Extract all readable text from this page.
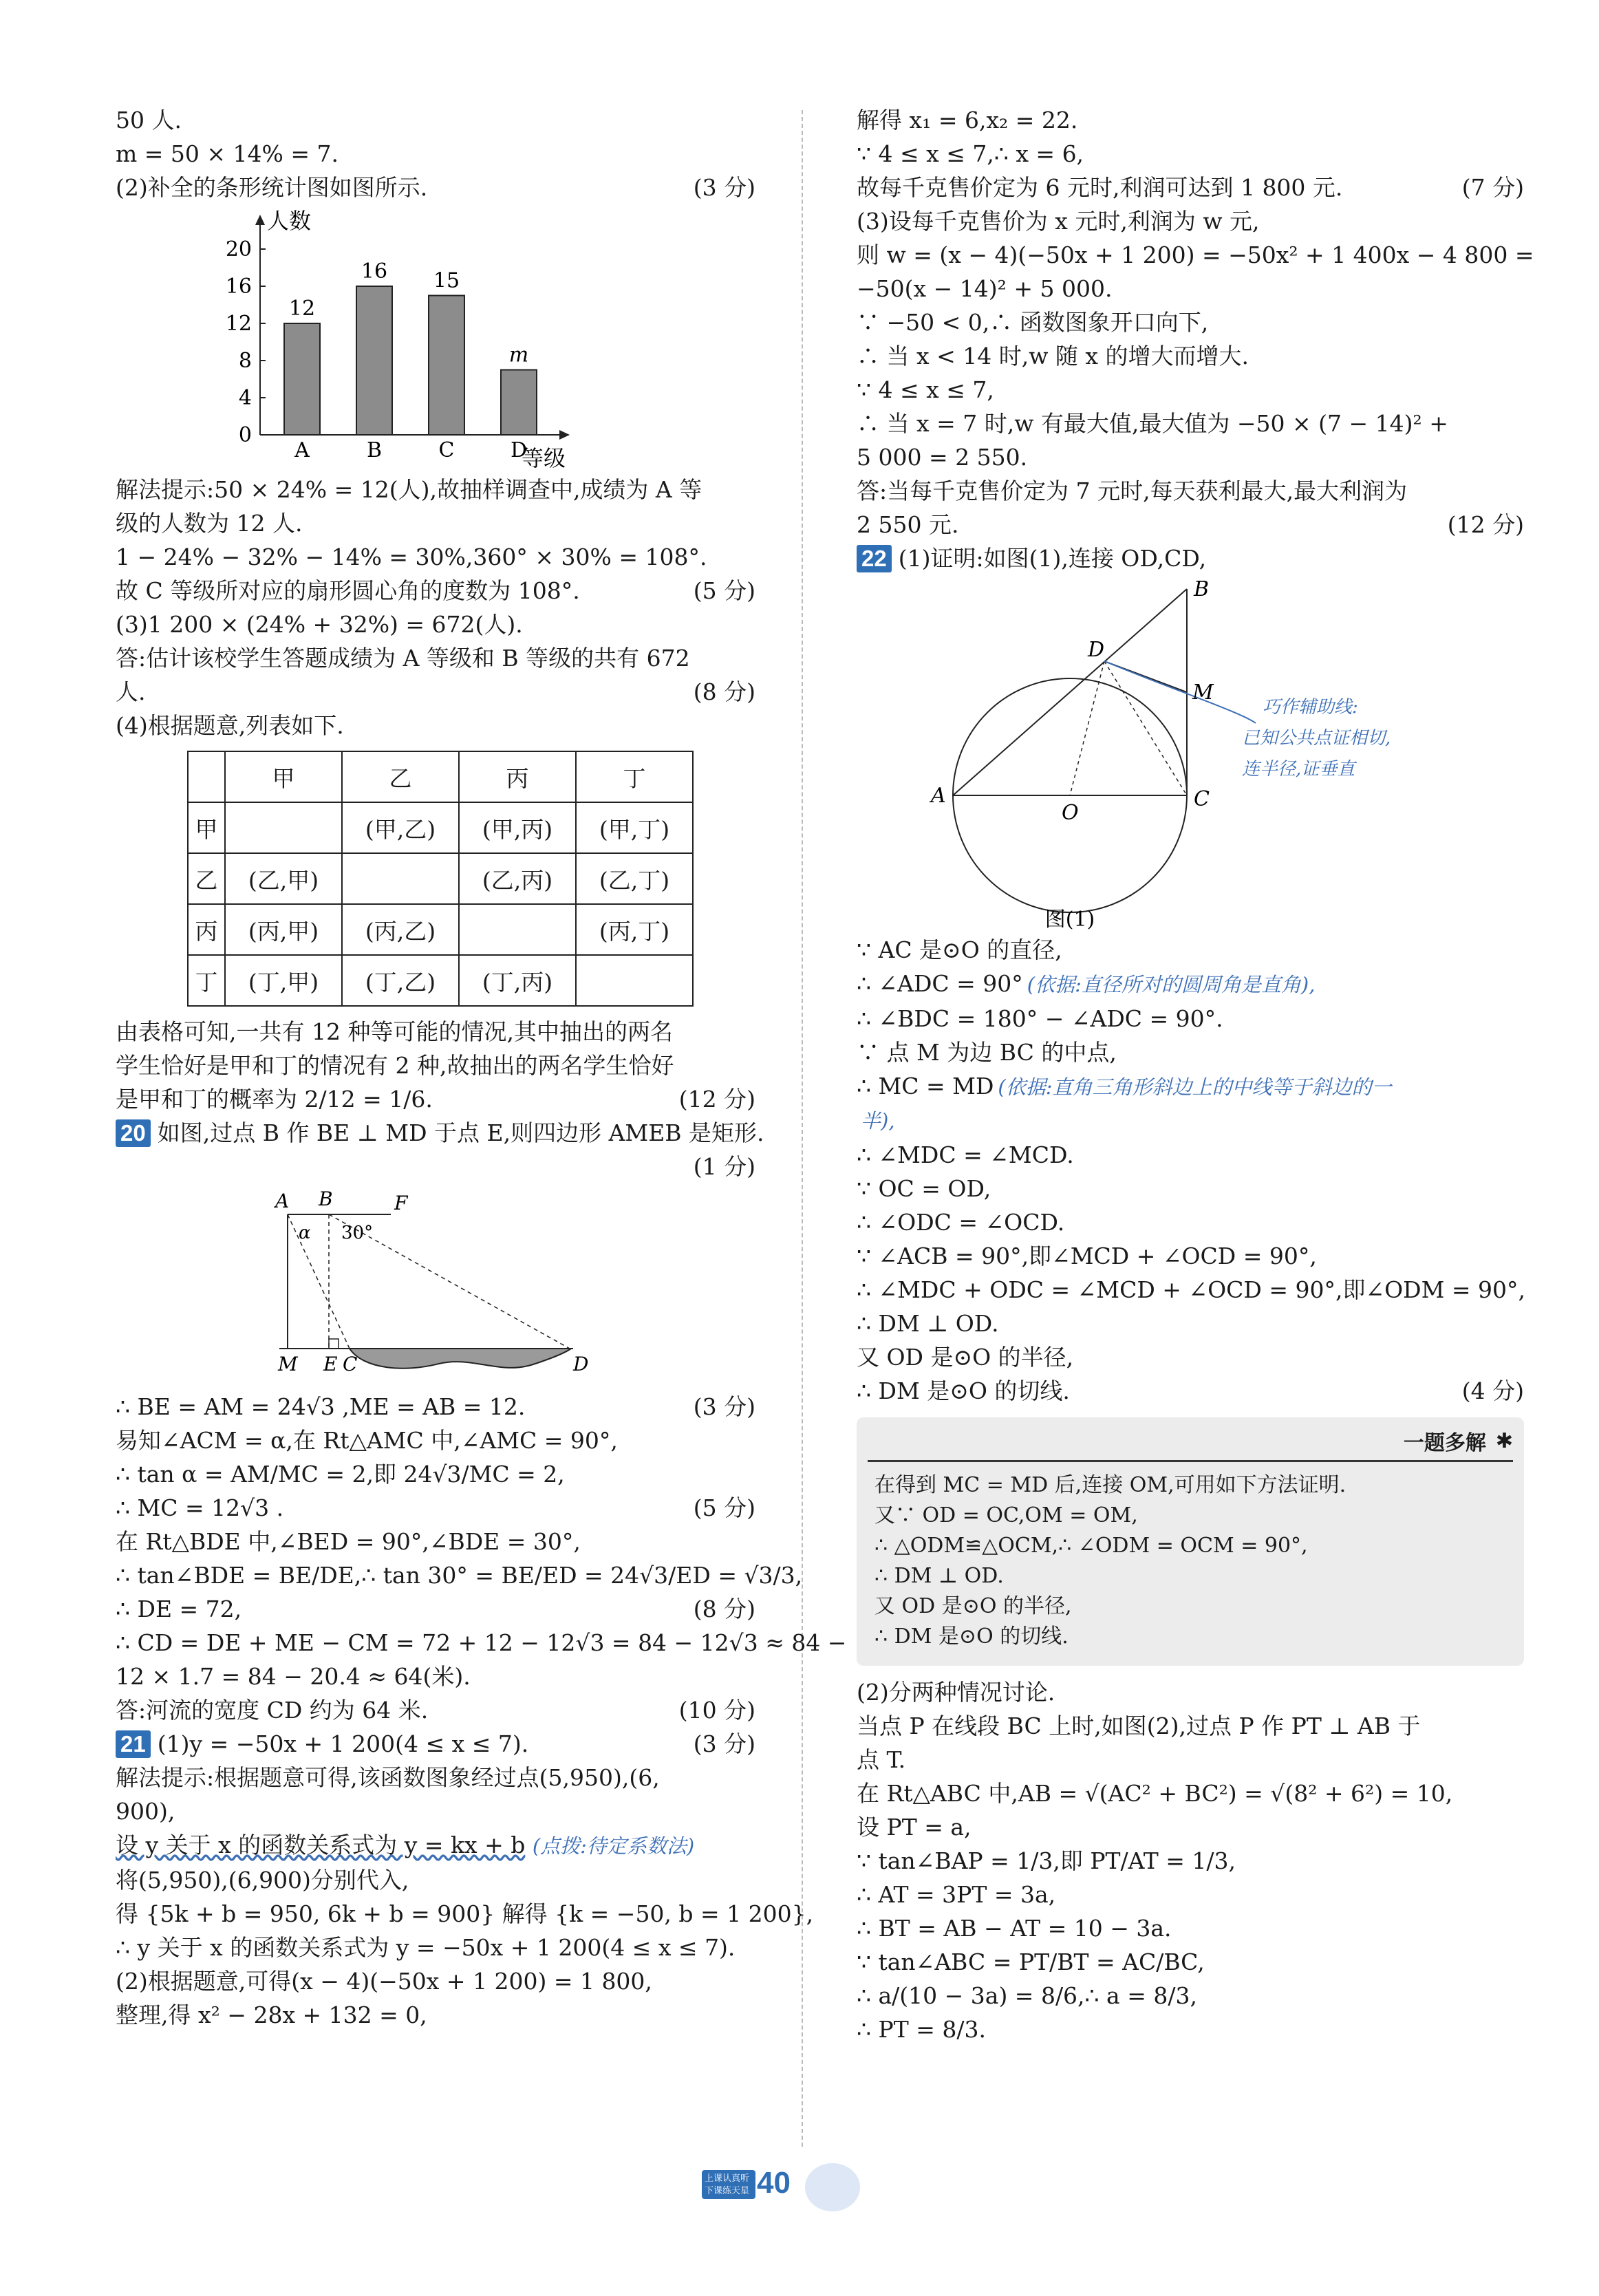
50 人.
m = 50 × 14% = 7.
(2)补全的条形统计图如图所示.	(3 分)
人数
等级
0
4
8
12
16
20
12
A
16
B
15
C
m
D
解法提示:50 × 24% = 12(人),故抽样调查中,成绩为 A 等
级的人数为 12 人.
1 − 24% − 32% − 14% = 30%,360° × 30% = 108°.
故 C 等级所对应的扇形圆心角的度数为 108°.	(5 分)
(3)1 200 × (24% + 32%) = 672(人).
答:估计该校学生答题成绩为 A 等级和 B 等级的共有 672
人.	(8 分)
(4)根据题意,列表如下.
	甲	乙	丙	丁
甲		(甲,乙)	(甲,丙)	(甲,丁)
乙	(乙,甲)		(乙,丙)	(乙,丁)
丙	(丙,甲)	(丙,乙)		(丙,丁)
丁	(丁,甲)	(丁,乙)	(丁,丙)	
由表格可知,一共有 12 种等可能的情况,其中抽出的两名
学生恰好是甲和丁的情况有 2 种,故抽出的两名学生恰好
是甲和丁的概率为 2/12 = 1/6.	(12 分)
20 如图,过点 B 作 BE ⊥ MD 于点 E,则四边形 AMEB 是矩形.
(1 分)
A B	F
α 30°
M E C	D
∴ BE = AM = 24√3 ,ME = AB = 12.	(3 分)
易知∠ACM = α,在 Rt△AMC 中,∠AMC = 90°,
∴ tan α = AM/MC = 2,即 24√3/MC = 2,
∴ MC = 12√3 .	(5 分)
在 Rt△BDE 中,∠BED = 90°,∠BDE = 30°,
∴ tan∠BDE = BE/DE,∴ tan 30° = BE/ED = 24√3/ED = √3/3,
∴ DE = 72,	(8 分)
∴ CD = DE + ME − CM = 72 + 12 − 12√3 = 84 − 12√3 ≈ 84 −
12 × 1.7 = 84 − 20.4 ≈ 64(米).
答:河流的宽度 CD 约为 64 米.	(10 分)
21 (1)y = −50x + 1 200(4 ≤ x ≤ 7).	(3 分)
解法提示:根据题意可得,该函数图象经过点(5,950),(6,
900),
设 y 关于 x 的函数关系式为 y = kx + b (点拨:待定系数法)
将(5,950),(6,900)分别代入,
得 {5k + b = 950, 6k + b = 900} 解得 {k = −50, b = 1 200},
∴ y 关于 x 的函数关系式为 y = −50x + 1 200(4 ≤ x ≤ 7).
(2)根据题意,可得(x − 4)(−50x + 1 200) = 1 800,
整理,得 x² − 28x + 132 = 0,
解得 x₁ = 6,x₂ = 22.
∵ 4 ≤ x ≤ 7,∴ x = 6,
故每千克售价定为 6 元时,利润可达到 1 800 元.	(7 分)
(3)设每千克售价为 x 元时,利润为 w 元,
则 w = (x − 4)(−50x + 1 200) = −50x² + 1 400x − 4 800 =
−50(x − 14)² + 5 000.
∵ −50 < 0,∴ 函数图象开口向下,
∴ 当 x < 14 时,w 随 x 的增大而增大.
∵ 4 ≤ x ≤ 7,
∴ 当 x = 7 时,w 有最大值,最大值为 −50 × (7 − 14)² +
5 000 = 2 550.
答:当每千克售价定为 7 元时,每天获利最大,最大利润为
2 550 元.	(12 分)
22 (1)证明:如图(1),连接 OD,CD,
B
D
M
A
O
C
巧作辅助线:
已知公共点证相切,
连半径,证垂直
图(1)
∵ AC 是⊙O 的直径,
∴ ∠ADC = 90° (依据:直径所对的圆周角是直角),
∴ ∠BDC = 180° − ∠ADC = 90°.
∵ 点 M 为边 BC 的中点,
∴ MC = MD (依据:直角三角形斜边上的中线等于斜边的一
半),
∴ ∠MDC = ∠MCD.
∵ OC = OD,
∴ ∠ODC = ∠OCD.
∵ ∠ACB = 90°,即∠MCD + ∠OCD = 90°,
∴ ∠MDC + ODC = ∠MCD + ∠OCD = 90°,即∠ODM = 90°,
∴ DM ⊥ OD.
又 OD 是⊙O 的半径,
∴ DM 是⊙O 的切线.	(4 分)
一题多解 ✱
在得到 MC = MD 后,连接 OM,可用如下方法证明.
又∵ OD = OC,OM = OM,
∴ △ODM≌△OCM,∴ ∠ODM = OCM = 90°,
∴ DM ⊥ OD.
又 OD 是⊙O 的半径,
∴ DM 是⊙O 的切线.
(2)分两种情况讨论.
当点 P 在线段 BC 上时,如图(2),过点 P 作 PT ⊥ AB 于
点 T.
在 Rt△ABC 中,AB = √(AC² + BC²) = √(8² + 6²) = 10,
设 PT = a,
∵ tan∠BAP = 1/3,即 PT/AT = 1/3,
∴ AT = 3PT = 3a,
∴ BT = AB − AT = 10 − 3a.
∵ tan∠ABC = PT/BT = AC/BC,
∴ a/(10 − 3a) = 8/6,∴ a = 8/3,
∴ PT = 8/3.
上课认真听
下课练天星 40
